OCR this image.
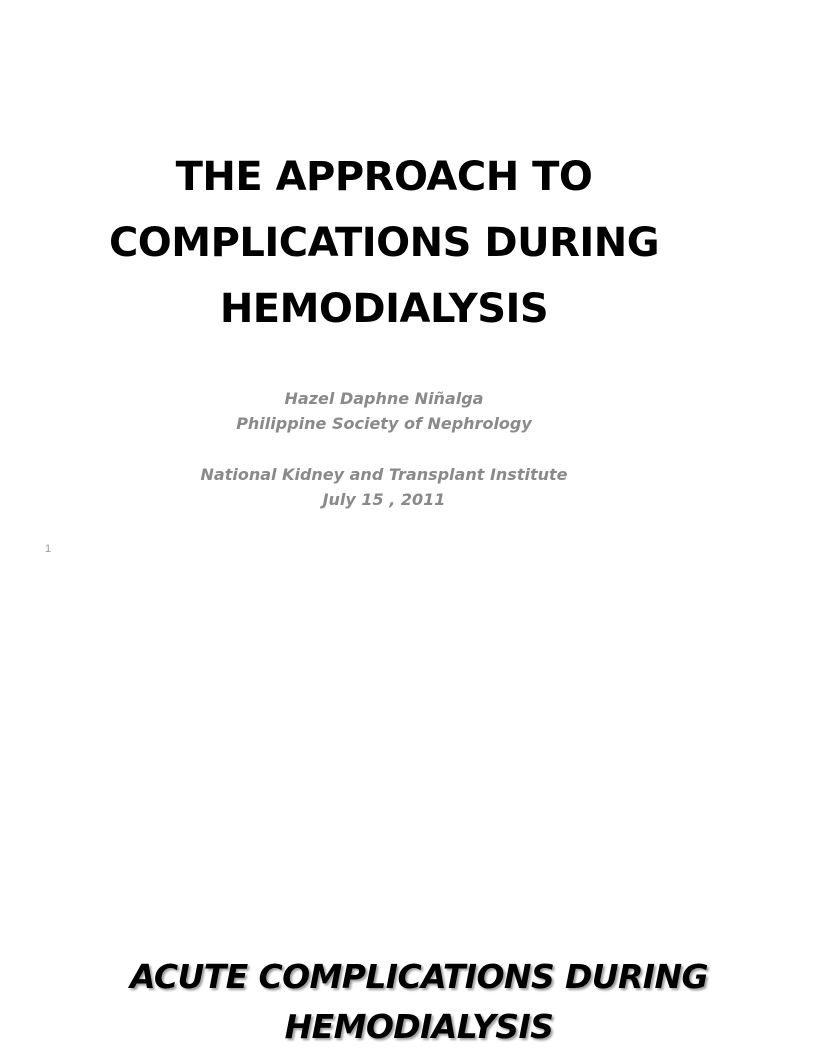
THE APPROACH TO
COMPLICATIONS DURING
HEMODIALYSIS
Hazel Daphne Niñalga
Philippine Society of Nephrology
National Kidney and Transplant Institute
July 15 , 2011
1
ACUTE COMPLICATIONS DURING
HEMODIALYSIS
